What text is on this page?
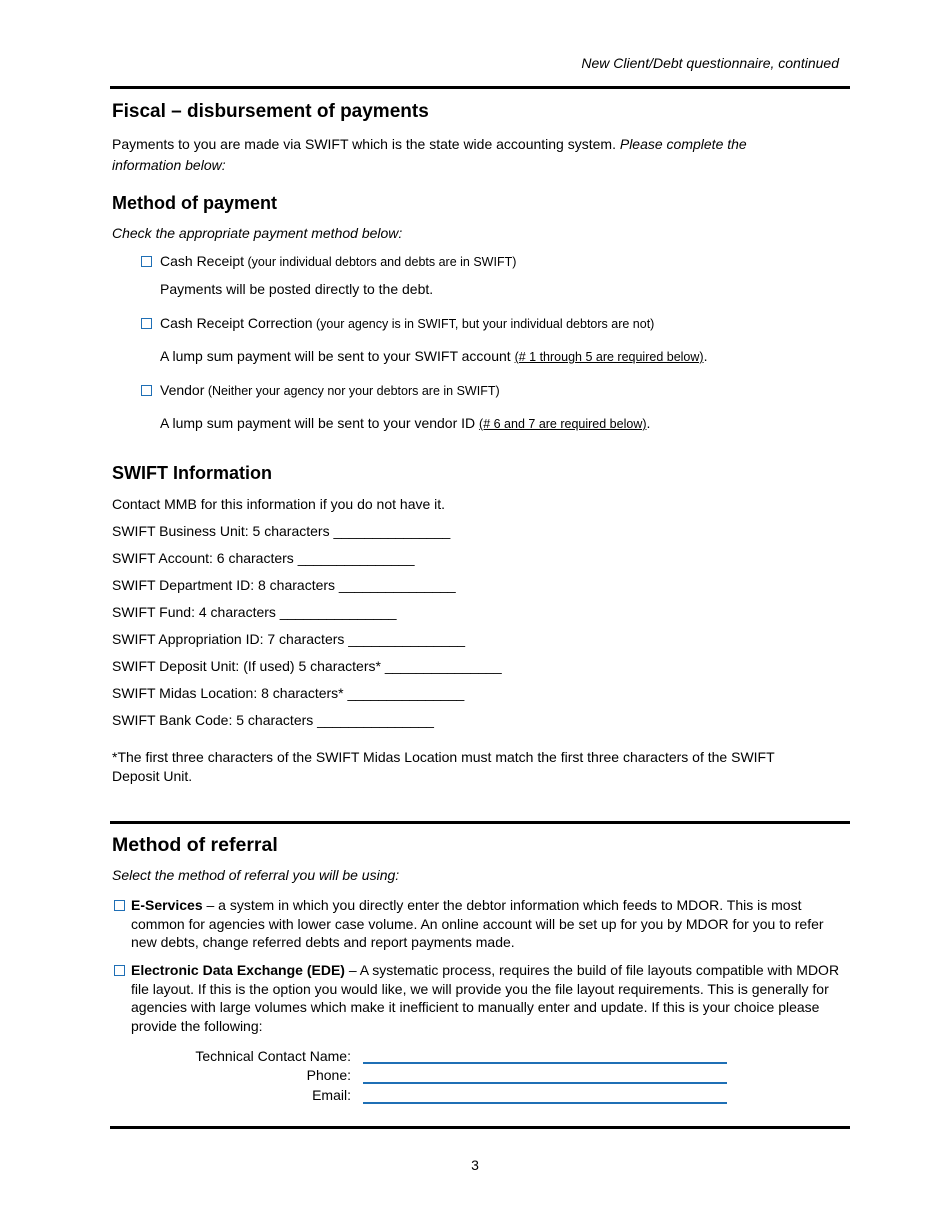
New Client/Debt questionnaire, continued
Fiscal – disbursement of payments
Payments to you are made via SWIFT which is the state wide accounting system. Please complete the
information below:
Method of payment
Check the appropriate payment method below:
Cash Receipt (your individual debtors and debts are in SWIFT)
Payments will be posted directly to the debt.
Cash Receipt Correction (your agency is in SWIFT, but your individual debtors are not)
A lump sum payment will be sent to your SWIFT account (# 1 through 5 are required below).
Vendor (Neither your agency nor your debtors are in SWIFT)
A lump sum payment will be sent to your vendor ID (# 6 and 7 are required below).
SWIFT Information
Contact MMB for this information if you do not have it.
SWIFT Business Unit: 5 characters _______________
SWIFT Account: 6 characters _______________
SWIFT Department ID: 8 characters _______________
SWIFT Fund: 4 characters _______________
SWIFT Appropriation ID: 7 characters _______________
SWIFT Deposit Unit: (If used) 5 characters* _______________
SWIFT Midas Location: 8 characters* _______________
SWIFT Bank Code: 5 characters _______________
*The first three characters of the SWIFT Midas Location must match the first three characters of the SWIFT
Deposit Unit.
Method of referral
Select the method of referral you will be using:
E-Services – a system in which you directly enter the debtor information which feeds to MDOR. This is most common for agencies with lower case volume. An online account will be set up for you by MDOR for you to refer new debts, change referred debts and report payments made.
Electronic Data Exchange (EDE) – A systematic process, requires the build of file layouts compatible with MDOR file layout. If this is the option you would like, we will provide you the file layout requirements. This is generally for agencies with large volumes which make it inefficient to manually enter and update. If this is your choice please provide the following:
Technical Contact Name:
Phone:
Email:
3
